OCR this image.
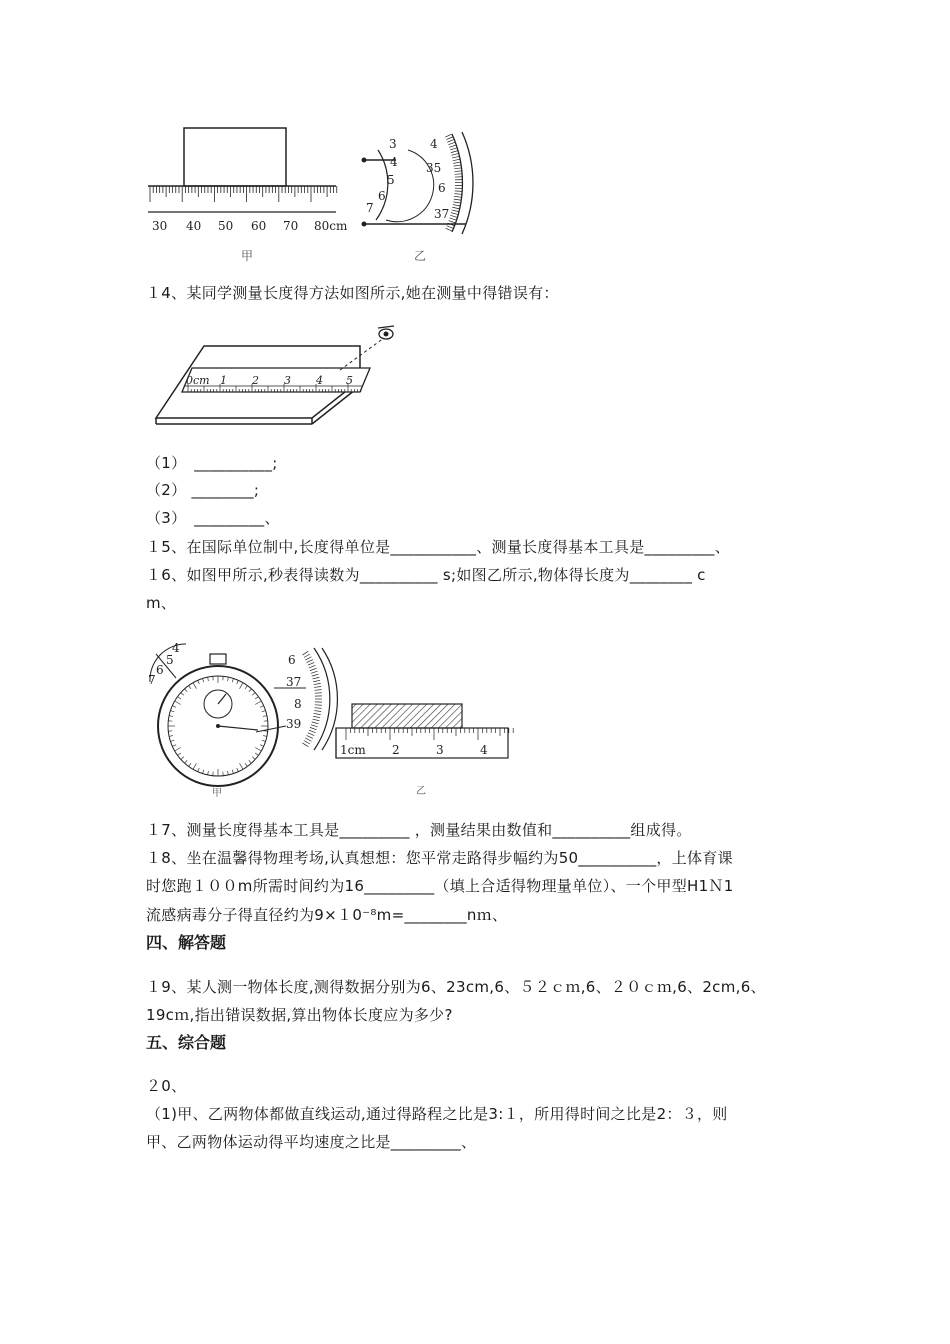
30 40 50 60 70 80cm
甲
3
4
5
6
7
4
35
6
37
乙
１4、某同学测量长度得方法如图所示,她在测量中得错误有：
0cm 1 2 3 4 5
（1）　__________;
（2） ________;
（3）　_________、
１5、在国际单位制中,长度得单位是___________、测量长度得基本工具是_________、
１6、如图甲所示,秒表得读数为__________ s;如图乙所示,物体得长度为________ c
m、
4
5
6
7
甲
6
37
8
39
1cm 2	3	4
乙
１7、测量长度得基本工具是_________ ，测量结果由数值和__________组成得。
１8、坐在温馨得物理考场,认真想想：您平常走路得步幅约为50__________，上体育课
时您跑１００m所需时间约为16_________（填上合适得物理量单位）、一个甲型H1Ｎ1
流感病毒分子得直径约为9×１0⁻⁸m=________nｍ、
四、解答题
１9、某人测一物体长度,测得数据分别为6、23cm,6、５２ｃｍ,6、２０ｃｍ,6、2cm,6、
19cｍ,指出错误数据,算出物体长度应为多少?
五、综合题
２0、
（1)甲、乙两物体都做直线运动,通过得路程之比是3:１，所用得时间之比是2：３，则
甲、乙两物体运动得平均速度之比是_________、
